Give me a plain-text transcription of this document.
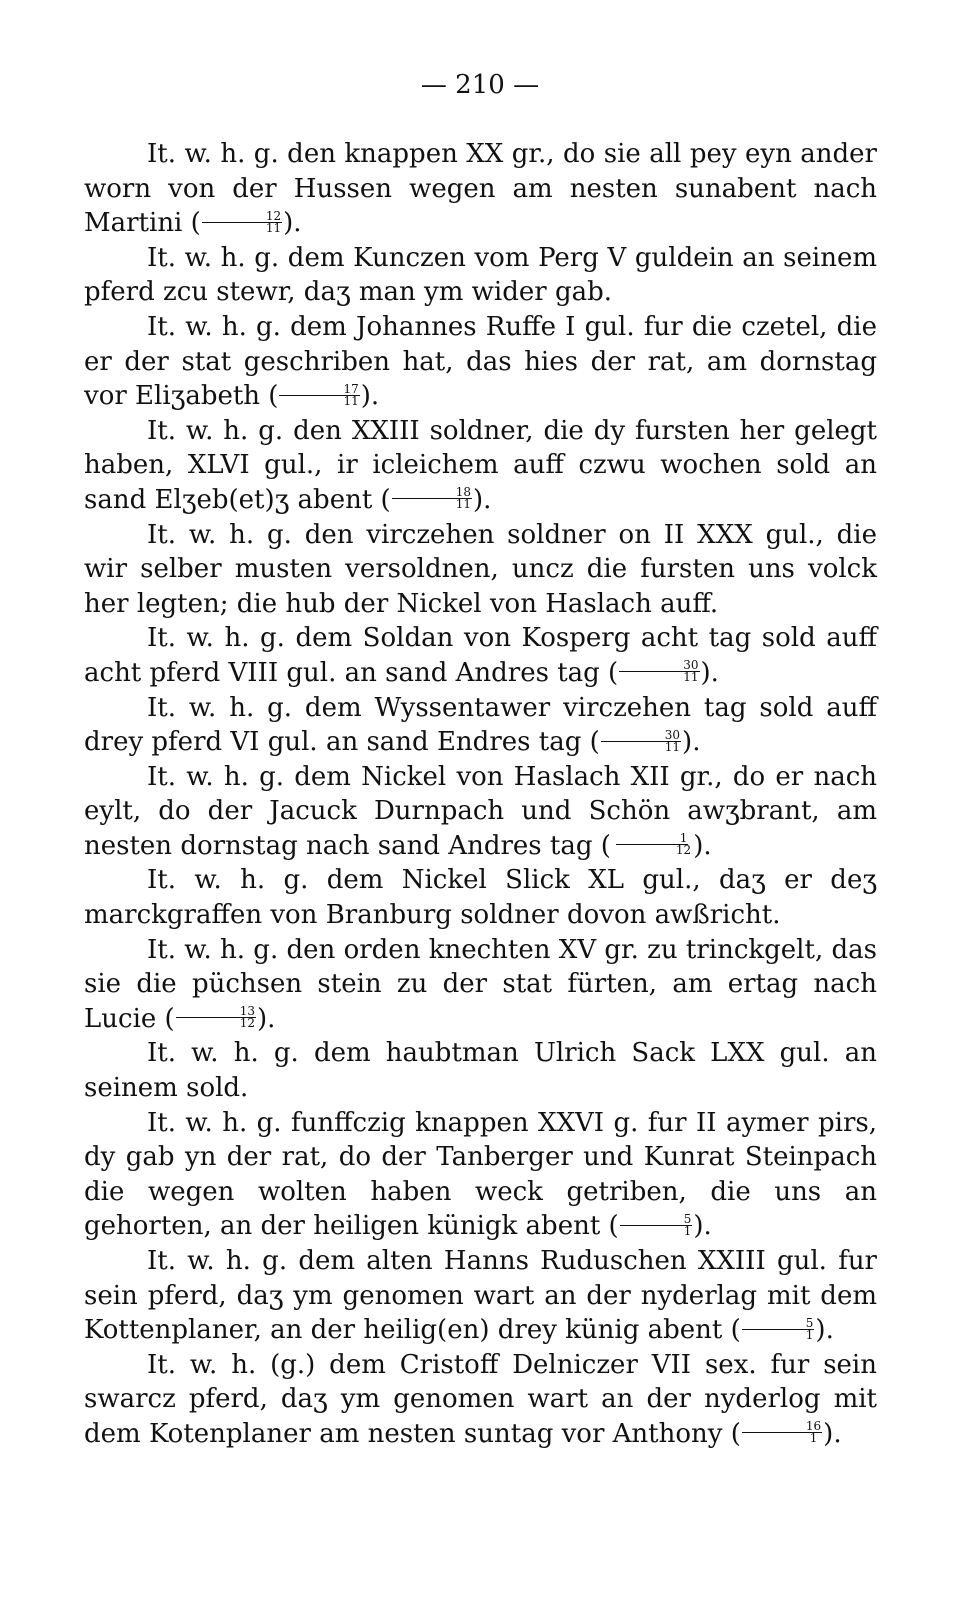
— 210 —

It. w. h. g. den knappen XX gr., do sie all pey eyn ander worn von der Hussen wegen am nesten sunabent nach Martini ( $\frac{12}{11}$ ).

It. w. h. g. dem Kunczen vom Perg V guldein an seinem pferd zcu stewr, daʒ man ym wider gab.

It. w. h. g. dem Johannes Ruffe I gul. fur die czetel, die er der stat geschriben hat, das hies der rat, am dornstag vor Eliʒabeth ( $\frac{17}{11}$ ).

It. w. h. g. den XXIII soldner, die dy fursten her gelegt haben, XLVI gul., ir icleichem auff czwu wochen sold an sand Elʒeb(et)ʒ abent ( $\frac{18}{11}$ ).

It. w. h. g. den virczehen soldner on II XXX gul., die wir selber musten versoldnen, uncz die fursten uns volck her legten; die hub der Nickel von Haslach auff.

It. w. h. g. dem Soldan von Kosperg acht tag sold auff acht pferd VIII gul. an sand Andres tag ( $\frac{30}{11}$ ).

It. w. h. g. dem Wyssentawer virczehen tag sold auff drey pferd VI gul. an sand Endres tag ( $\frac{30}{11}$ ).

It. w. h. g. dem Nickel von Haslach XII gr., do er nach eylt, do der Jacuck Durnpach und Schön awʒbrant, am nesten dornstag nach sand Andres tag ( $\frac{1}{12}$ ).

It. w. h. g. dem Nickel Slick XL gul., daʒ er deʒ marckgraffen von Branburg soldner dovon awßricht.

It. w. h. g. den orden knechten XV gr. zu trinckgelt, das sie die püchsen stein zu der stat fürten, am ertag nach Lucie ( $\frac{13}{12}$ ).

It. w. h. g. dem haubtman Ulrich Sack LXX gul. an seinem sold.

It. w. h. g. funffczig knappen XXVI g. fur II aymer pirs, dy gab yn der rat, do der Tanberger und Kunrat Steinpach die wegen wolten haben weck getriben, die uns an gehorten, an der heiligen künigk abent ( $\frac{5}{1}$ ).

It. w. h. g. dem alten Hanns Ruduschen XXIII gul. fur sein pferd, daʒ ym genomen wart an der nyderlag mit dem Kottenplaner, an der heilig(en) drey künig abent ( $\frac{5}{1}$ ).

It. w. h. (g.) dem Cristoff Delniczer VII sex. fur sein swarcz pferd, daʒ ym genomen wart an der nyderlog mit dem Kotenplaner am nesten suntag vor Anthony ( $\frac{16}{1}$ ).
